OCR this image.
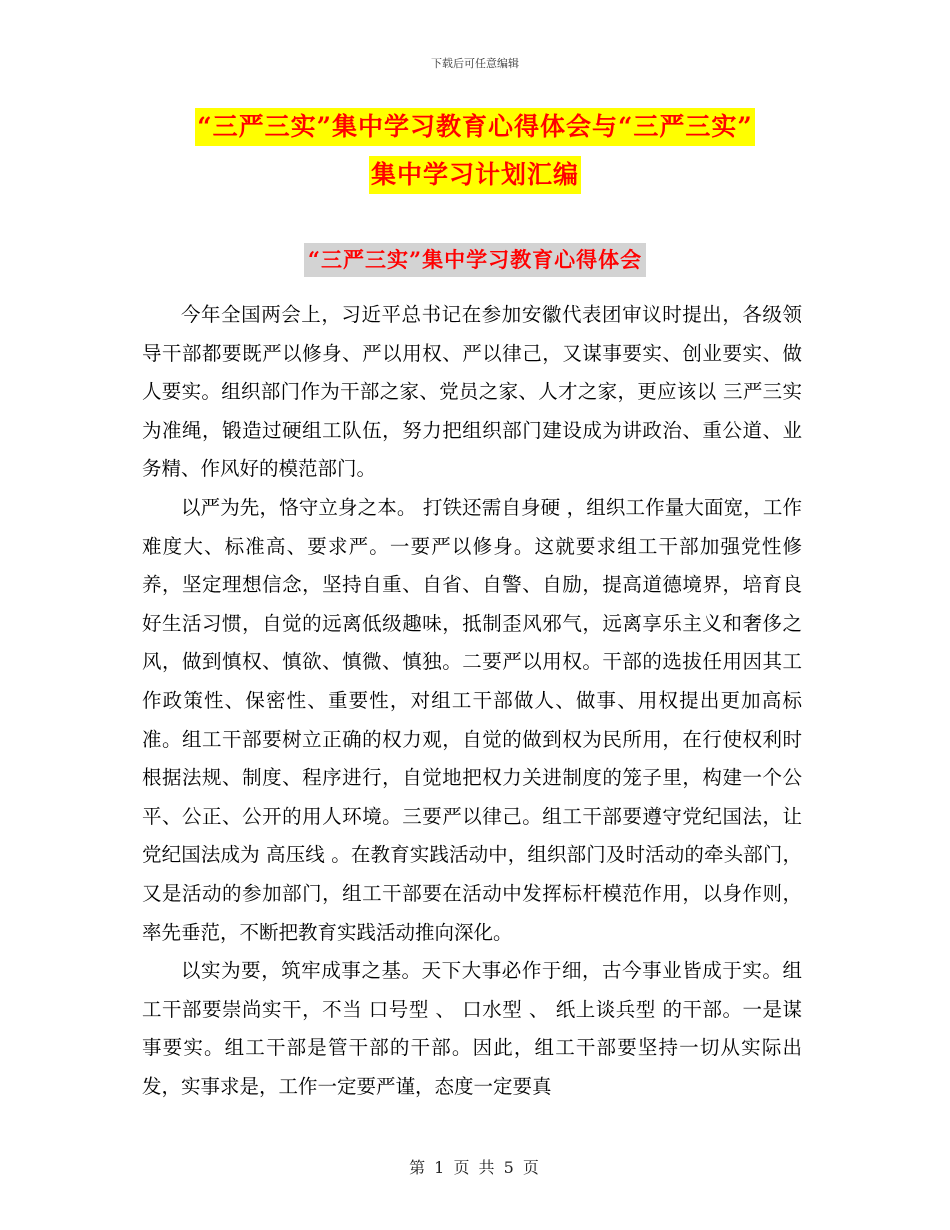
下载后可任意编辑
“三严三实”集中学习教育心得体会与“三严三实”
集中学习计划汇编
“三严三实”集中学习教育心得体会

今年全国两会上，习近平总书记在参加安徽代表团审议时提出，各级领导干部都要既严以修身、严以用权、严以律己，又谋事要实、创业要实、做人要实。组织部门作为干部之家、党员之家、人才之家，更应该以 三严三实 为准绳，锻造过硬组工队伍，努力把组织部门建设成为讲政治、重公道、业务精、作风好的模范部门。

以严为先，恪守立身之本。 打铁还需自身硬 ，组织工作量大面宽，工作难度大、标准高、要求严。一要严以修身。这就要求组工干部加强党性修养，坚定理想信念，坚持自重、自省、自警、自励，提高道德境界，培育良好生活习惯，自觉的远离低级趣味，抵制歪风邪气，远离享乐主义和奢侈之风，做到慎权、慎欲、慎微、慎独。二要严以用权。干部的选拔任用因其工作政策性、保密性、重要性，对组工干部做人、做事、用权提出更加高标准。组工干部要树立正确的权力观，自觉的做到权为民所用，在行使权利时根据法规、制度、程序进行，自觉地把权力关进制度的笼子里，构建一个公平、公正、公开的用人环境。三要严以律己。组工干部要遵守党纪国法，让党纪国法成为 高压线 。在教育实践活动中，组织部门及时活动的牵头部门，又是活动的参加部门，组工干部要在活动中发挥标杆模范作用，以身作则，率先垂范，不断把教育实践活动推向深化。

以实为要，筑牢成事之基。天下大事必作于细，古今事业皆成于实。组工干部要崇尚实干，不当 口号型 、 口水型 、 纸上谈兵型 的干部。一是谋事要实。组工干部是管干部的干部。因此，组工干部要坚持一切从实际出发，实事求是，工作一定要严谨，态度一定要真

第 1 页 共 5 页
